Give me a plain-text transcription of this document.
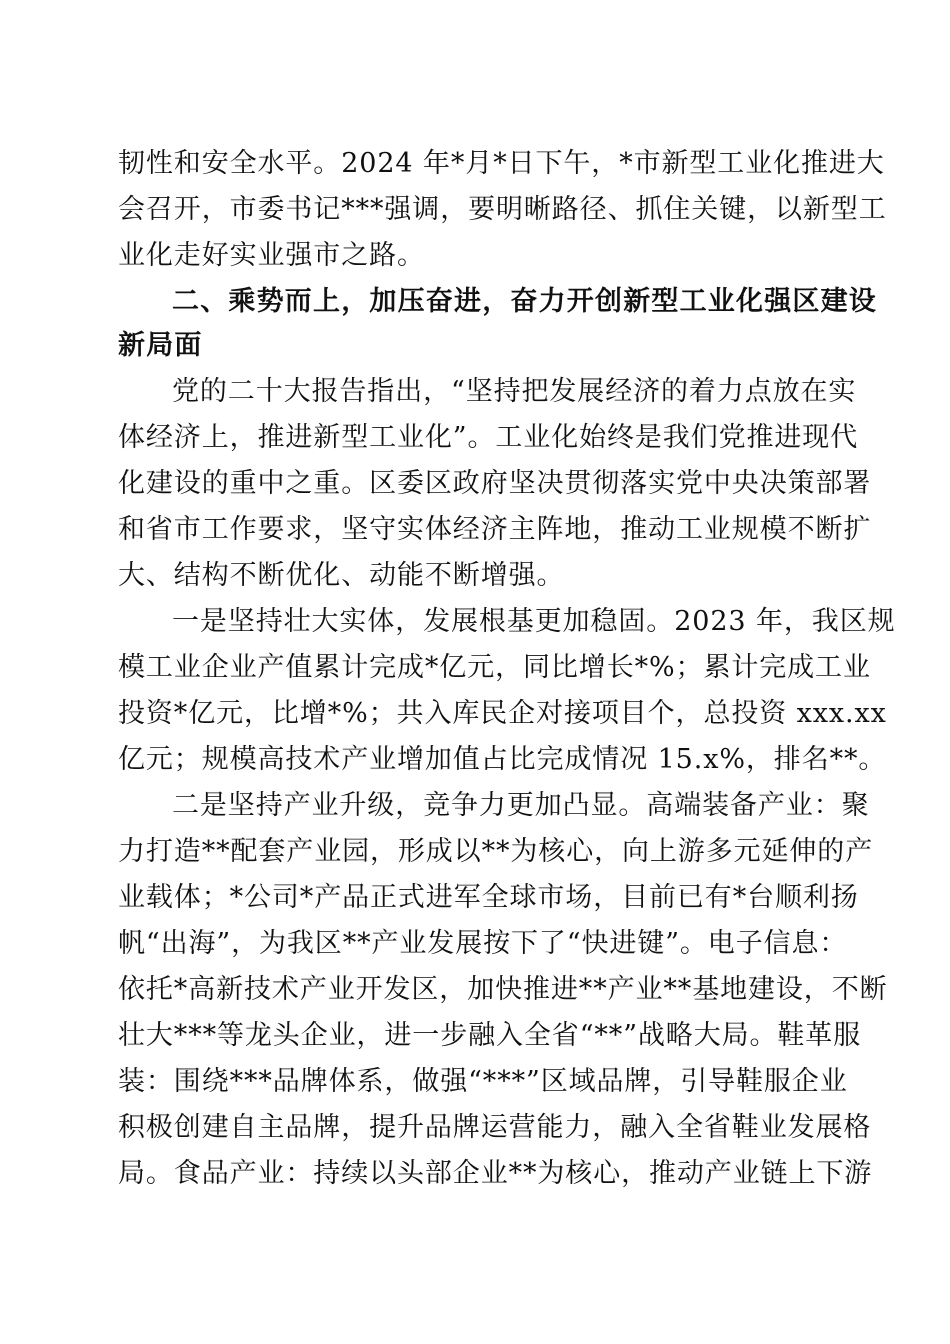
韧性和安全水平。2024 年*月*日下午，*市新型工业化推进大
会召开，市委书记***强调，要明晰路径、抓住关键，以新型工
业化走好实业强市之路。
二、乘势而上，加压奋进，奋力开创新型工业化强区建设
新局面
党的二十大报告指出，“坚持把发展经济的着力点放在实
体经济上，推进新型工业化”。工业化始终是我们党推进现代
化建设的重中之重。区委区政府坚决贯彻落实党中央决策部署
和省市工作要求，坚守实体经济主阵地，推动工业规模不断扩
大、结构不断优化、动能不断增强。
一是坚持壮大实体，发展根基更加稳固。2023 年，我区规
模工业企业产值累计完成*亿元，同比增长*%；累计完成工业
投资*亿元，比增*%；共入库民企对接项目个，总投资 xxx.xx
亿元；规模高技术产业增加值占比完成情况 15.x%，排名**。
二是坚持产业升级，竞争力更加凸显。高端装备产业：聚
力打造**配套产业园，形成以**为核心，向上游多元延伸的产
业载体；*公司*产品正式进军全球市场，目前已有*台顺利扬
帆“出海”，为我区**产业发展按下了“快进键”。电子信息：
依托*高新技术产业开发区，加快推进**产业**基地建设，不断
壮大***等龙头企业，进一步融入全省“**”战略大局。鞋革服
装：围绕***品牌体系，做强“***”区域品牌，引导鞋服企业
积极创建自主品牌，提升品牌运营能力，融入全省鞋业发展格
局。食品产业：持续以头部企业**为核心，推动产业链上下游
